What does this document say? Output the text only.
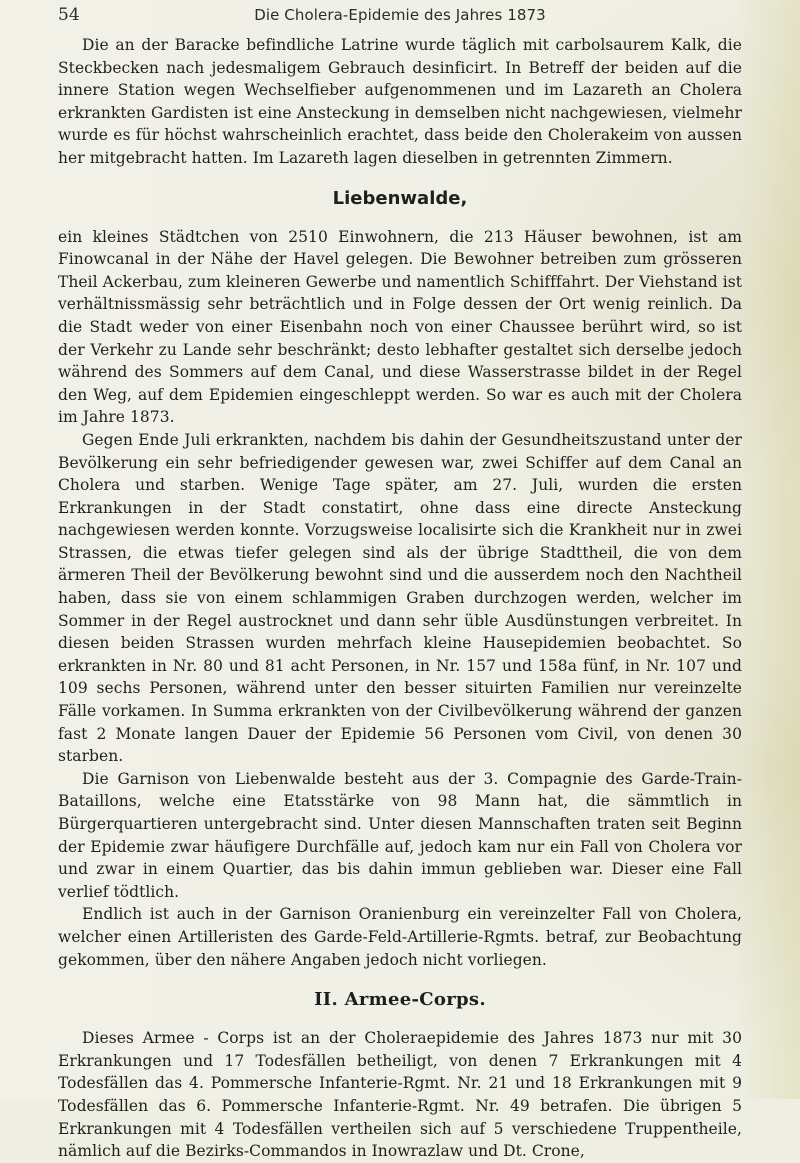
54	Die Cholera-Epidemie des Jahres 1873

Die an der Baracke befindliche Latrine wurde täglich mit carbolsaurem Kalk, die Steckbecken nach jedesmaligem Gebrauch desinficirt. In Betreff der beiden auf die innere Station wegen Wechselfieber aufgenommenen und im Lazareth an Cholera erkrankten Gardisten ist eine Ansteckung in demselben nicht nachgewiesen, vielmehr wurde es für höchst wahrscheinlich erachtet, dass beide den Cholerakeim von aussen her mitgebracht hatten. Im Lazareth lagen dieselben in getrennten Zimmern.

Liebenwalde,

ein kleines Städtchen von 2510 Einwohnern, die 213 Häuser bewohnen, ist am Finowcanal in der Nähe der Havel gelegen. Die Bewohner betreiben zum grösseren Theil Ackerbau, zum kleineren Gewerbe und namentlich Schifffahrt. Der Viehstand ist verhältnissmässig sehr beträchtlich und in Folge dessen der Ort wenig reinlich. Da die Stadt weder von einer Eisenbahn noch von einer Chaussee berührt wird, so ist der Verkehr zu Lande sehr beschränkt; desto lebhafter gestaltet sich derselbe jedoch während des Sommers auf dem Canal, und diese Wasserstrasse bildet in der Regel den Weg, auf dem Epidemien eingeschleppt werden. So war es auch mit der Cholera im Jahre 1873.

Gegen Ende Juli erkrankten, nachdem bis dahin der Gesundheitszustand unter der Bevölkerung ein sehr befriedigender gewesen war, zwei Schiffer auf dem Canal an Cholera und starben. Wenige Tage später, am 27. Juli, wurden die ersten Erkrankungen in der Stadt constatirt, ohne dass eine directe Ansteckung nachgewiesen werden konnte. Vorzugsweise localisirte sich die Krankheit nur in zwei Strassen, die etwas tiefer gelegen sind als der übrige Stadttheil, die von dem ärmeren Theil der Bevölkerung bewohnt sind und die ausserdem noch den Nachtheil haben, dass sie von einem schlammigen Graben durchzogen werden, welcher im Sommer in der Regel austrocknet und dann sehr üble Ausdünstungen verbreitet. In diesen beiden Strassen wurden mehrfach kleine Hausepidemien beobachtet. So erkrankten in Nr. 80 und 81 acht Personen, in Nr. 157 und 158a fünf, in Nr. 107 und 109 sechs Personen, während unter den besser situirten Familien nur vereinzelte Fälle vorkamen. In Summa erkrankten von der Civilbevölkerung während der ganzen fast 2 Monate langen Dauer der Epidemie 56 Personen vom Civil, von denen 30 starben.

Die Garnison von Liebenwalde besteht aus der 3. Compagnie des Garde-Train-Bataillons, welche eine Etatsstärke von 98 Mann hat, die sämmtlich in Bürgerquartieren untergebracht sind. Unter diesen Mannschaften traten seit Beginn der Epidemie zwar häufigere Durchfälle auf, jedoch kam nur ein Fall von Cholera vor und zwar in einem Quartier, das bis dahin immun geblieben war. Dieser eine Fall verlief tödtlich.

Endlich ist auch in der Garnison Oranienburg ein vereinzelter Fall von Cholera, welcher einen Artilleristen des Garde-Feld-Artillerie-Rgmts. betraf, zur Beobachtung gekommen, über den nähere Angaben jedoch nicht vorliegen.

II. Armee-Corps.

Dieses Armee - Corps ist an der Choleraepidemie des Jahres 1873 nur mit 30 Erkrankungen und 17 Todesfällen betheiligt, von denen 7 Erkrankungen mit 4 Todesfällen das 4. Pommersche Infanterie-Rgmt. Nr. 21 und 18 Erkrankungen mit 9 Todesfällen das 6. Pommersche Infanterie-Rgmt. Nr. 49 betrafen. Die übrigen 5 Erkrankungen mit 4 Todesfällen vertheilen sich auf 5 verschiedene Truppentheile, nämlich auf die Bezirks-Commandos in Inowrazlaw und Dt. Crone,
